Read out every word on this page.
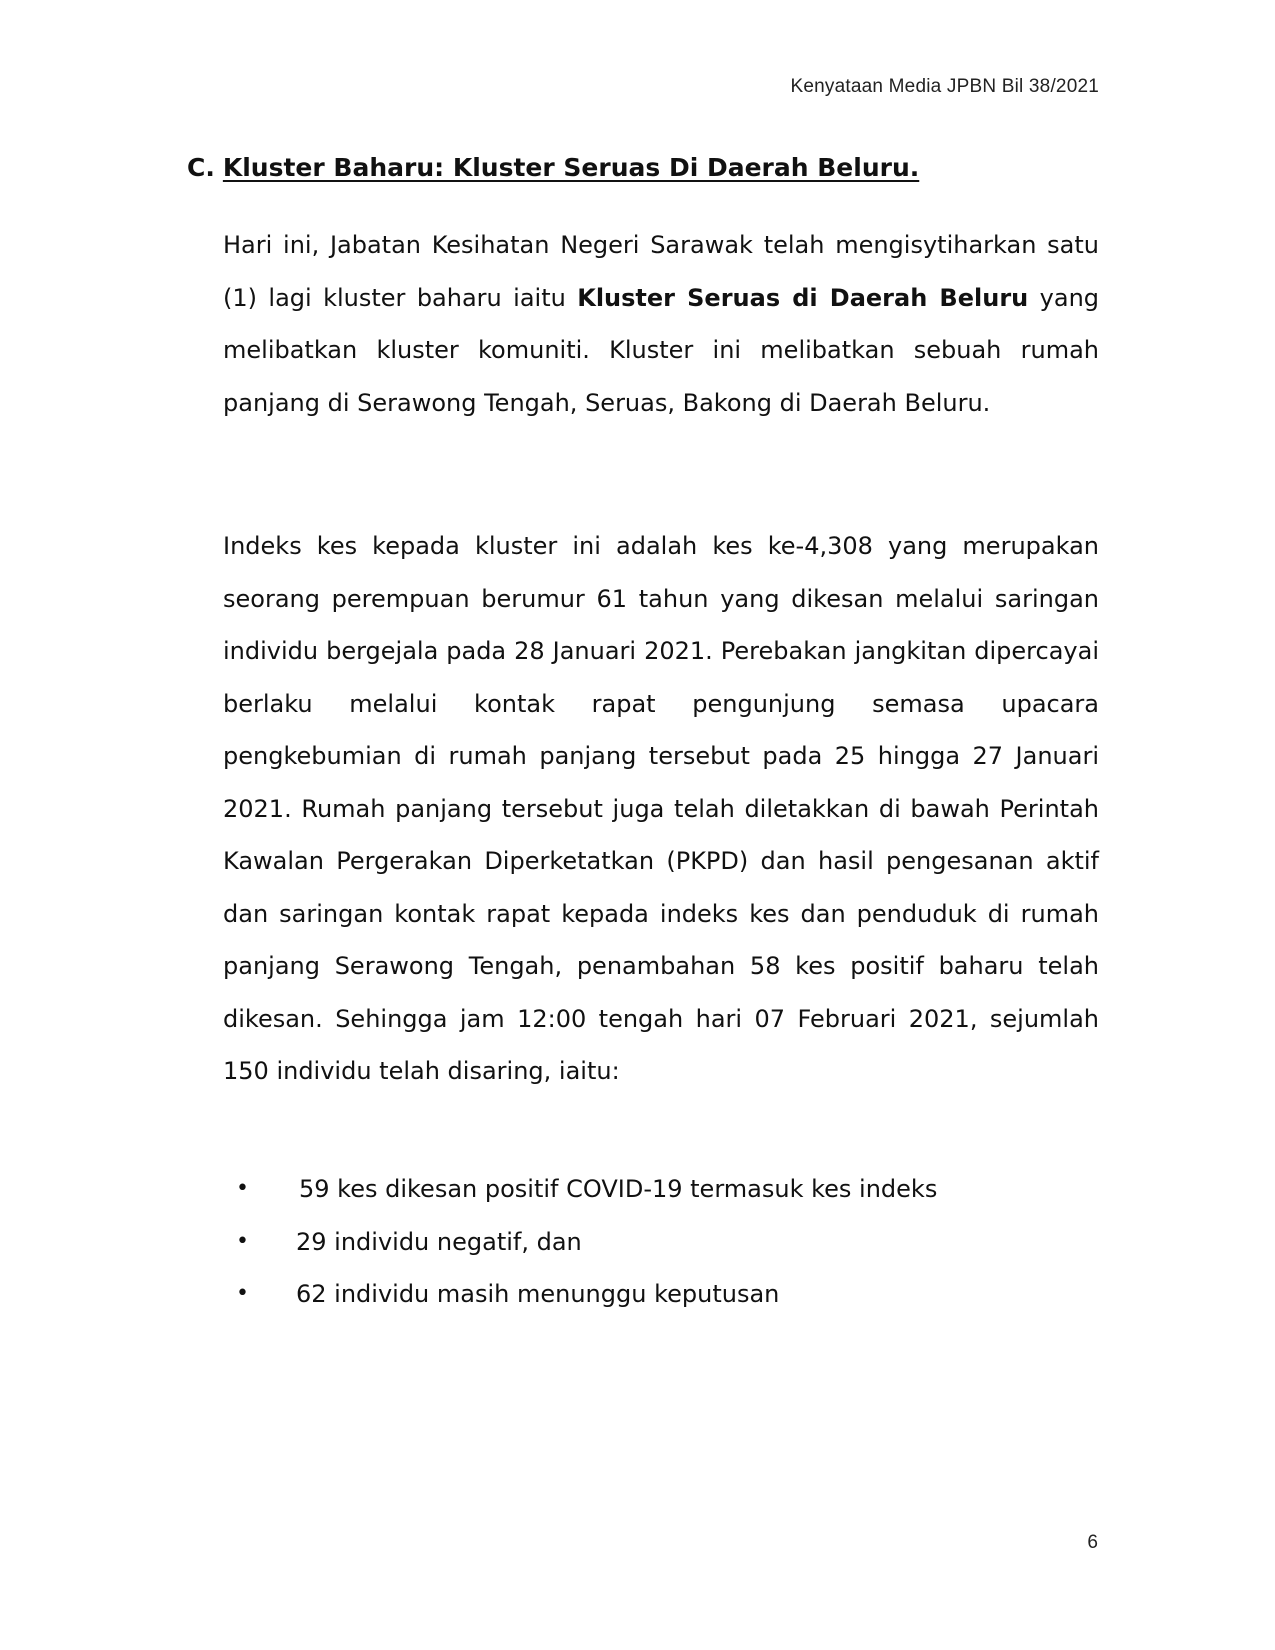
Kenyataan Media JPBN Bil 38/2021
C. Kluster Baharu: Kluster Seruas Di Daerah Beluru.

Hari ini, Jabatan Kesihatan Negeri Sarawak telah mengisytiharkan satu (1) lagi kluster baharu iaitu Kluster Seruas di Daerah Beluru yang melibatkan kluster komuniti. Kluster ini melibatkan sebuah rumah panjang di Serawong Tengah, Seruas, Bakong di Daerah Beluru.

Indeks kes kepada kluster ini adalah kes ke-4,308 yang merupakan seorang perempuan berumur 61 tahun yang dikesan melalui saringan individu bergejala pada 28 Januari 2021. Perebakan jangkitan dipercayai berlaku melalui kontak rapat pengunjung semasa upacara pengkebumian di rumah panjang tersebut pada 25 hingga 27 Januari 2021. Rumah panjang tersebut juga telah diletakkan di bawah Perintah Kawalan Pergerakan Diperketatkan (PKPD) dan hasil pengesanan aktif dan saringan kontak rapat kepada indeks kes dan penduduk di rumah panjang Serawong Tengah, penambahan 58 kes positif baharu telah dikesan. Sehingga jam 12:00 tengah hari 07 Februari 2021, sejumlah 150 individu telah disaring, iaitu:

• 59 kes dikesan positif COVID-19 termasuk kes indeks
• 29 individu negatif, dan
• 62 individu masih menunggu keputusan
6
